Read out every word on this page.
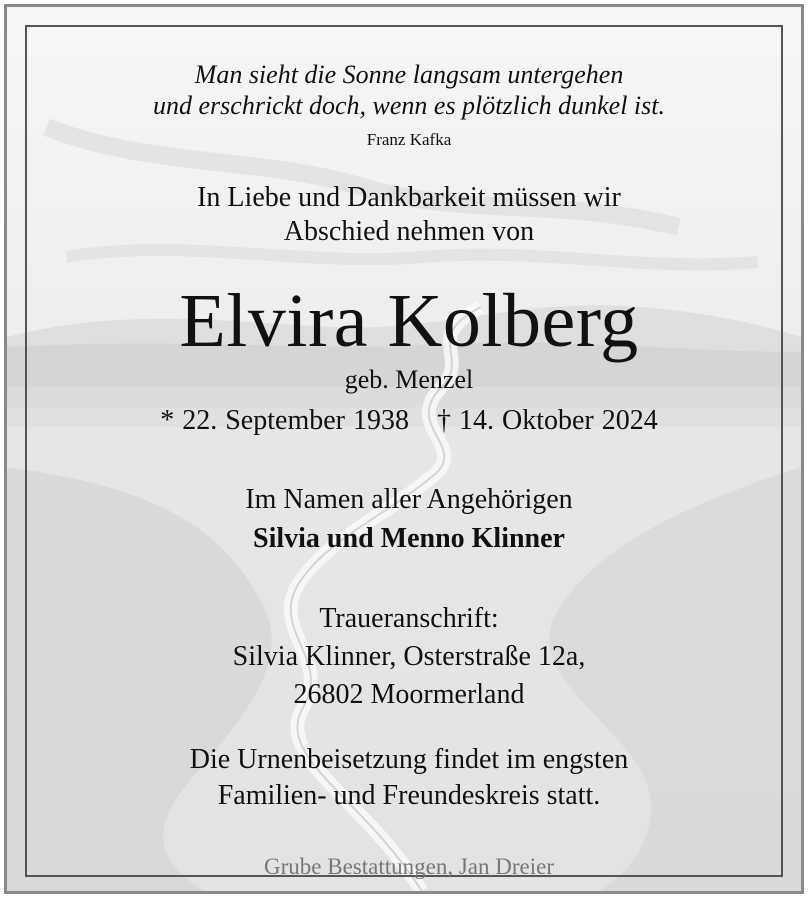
Man sieht die Sonne langsam untergehen
und erschrickt doch, wenn es plötzlich dunkel ist.
Franz Kafka
In Liebe und Dankbarkeit müssen wir
Abschied nehmen von
Elvira Kolberg
geb. Menzel
* 22. September 1938 † 14. Oktober 2024
Im Namen aller Angehörigen
Silvia und Menno Klinner
Traueranschrift:
Silvia Klinner, Osterstraße 12a,
26802 Moormerland
Die Urnenbeisetzung findet im engsten
Familien- und Freundeskreis statt.
Grube Bestattungen, Jan Dreier
